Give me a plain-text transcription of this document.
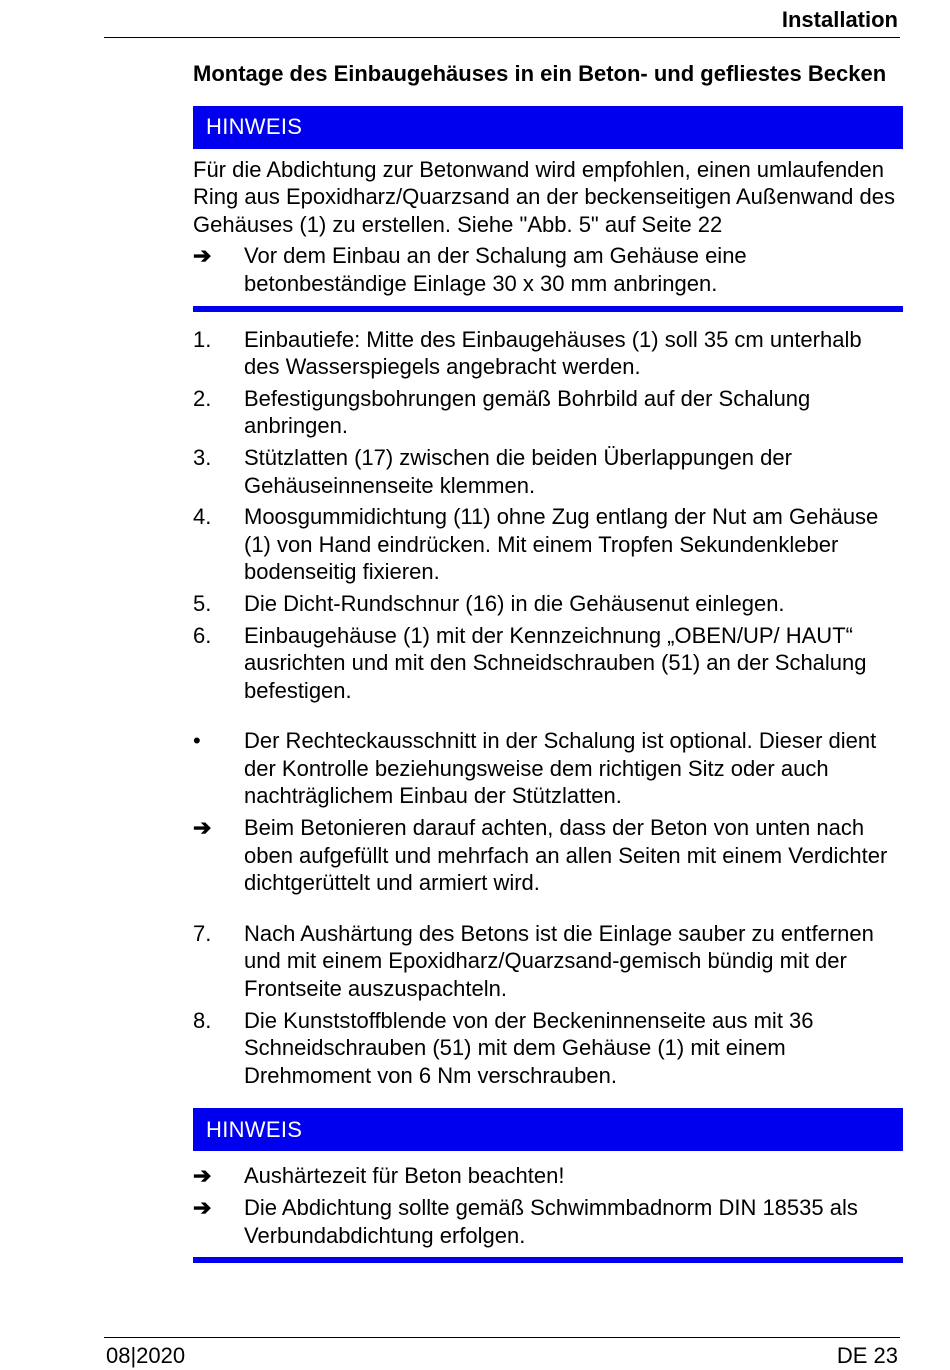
Installation
Montage des Einbaugehäuses in ein Beton- und gefliestes Becken
HINWEIS

Für die Abdichtung zur Betonwand wird empfohlen, einen umlaufenden Ring aus Epoxidharz/Quarzsand an der beckenseitigen Außenwand des Gehäuses (1) zu erstellen. Siehe "Abb. 5" auf Seite 22

➔	Vor dem Einbau an der Schalung am Gehäuse eine betonbeständige Einlage 30 x 30 mm anbringen.
1.	Einbautiefe: Mitte des Einbaugehäuses (1) soll 35 cm unterhalb des Wasserspiegels angebracht werden.
2.	Befestigungsbohrungen gemäß Bohrbild auf der Schalung anbringen.
3.	Stützlatten (17) zwischen die beiden Überlappungen der Gehäuseinnenseite klemmen.
4.	Moosgummidichtung (11) ohne Zug entlang der Nut am Gehäuse (1) von Hand eindrücken. Mit einem Tropfen Sekundenkleber bodenseitig fixieren.
5.	Die Dicht-Rundschnur (16) in die Gehäusenut einlegen.
6.	Einbaugehäuse (1) mit der Kennzeichnung „OBEN/UP/ HAUT“ ausrichten und mit den Schneidschrauben (51) an der Schalung befestigen.
•	Der Rechteckausschnitt in der Schalung ist optional. Dieser dient der Kontrolle beziehungsweise dem richtigen Sitz oder auch nachträglichem Einbau der Stützlatten.
➔	Beim Betonieren darauf achten, dass der Beton von unten nach oben aufgefüllt und mehrfach an allen Seiten mit einem Verdichter dichtgerüttelt und armiert wird.
7.	Nach Aushärtung des Betons ist die Einlage sauber zu entfernen und mit einem Epoxidharz/Quarzsand-gemisch bündig mit der Frontseite auszuspachteln.
8.	Die Kunststoffblende von der Beckeninnenseite aus mit 36 Schneidschrauben (51) mit dem Gehäuse (1) mit einem Drehmoment von 6 Nm verschrauben.
HINWEIS
➔	Aushärtezeit für Beton beachten!
➔	Die Abdichtung sollte gemäß Schwimmbadnorm DIN 18535 als Verbundabdichtung erfolgen.
08|2020	DE 23
